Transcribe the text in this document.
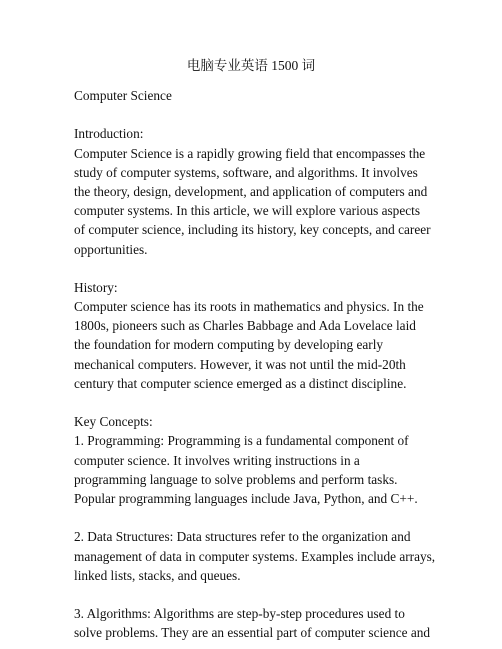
电脑专业英语 1500 词
Computer Science
Introduction:
Computer Science is a rapidly growing field that encompasses the
study of computer systems, software, and algorithms. It involves
the theory, design, development, and application of computers and
computer systems. In this article, we will explore various aspects
of computer science, including its history, key concepts, and career
opportunities.
History:
Computer science has its roots in mathematics and physics. In the
1800s, pioneers such as Charles Babbage and Ada Lovelace laid
the foundation for modern computing by developing early
mechanical computers. However, it was not until the mid-20th
century that computer science emerged as a distinct discipline.
Key Concepts:
1. Programming: Programming is a fundamental component of
computer science. It involves writing instructions in a
programming language to solve problems and perform tasks.
Popular programming languages include Java, Python, and C++.
2. Data Structures: Data structures refer to the organization and
management of data in computer systems. Examples include arrays,
linked lists, stacks, and queues.
3. Algorithms: Algorithms are step-by-step procedures used to
solve problems. They are an essential part of computer science and
